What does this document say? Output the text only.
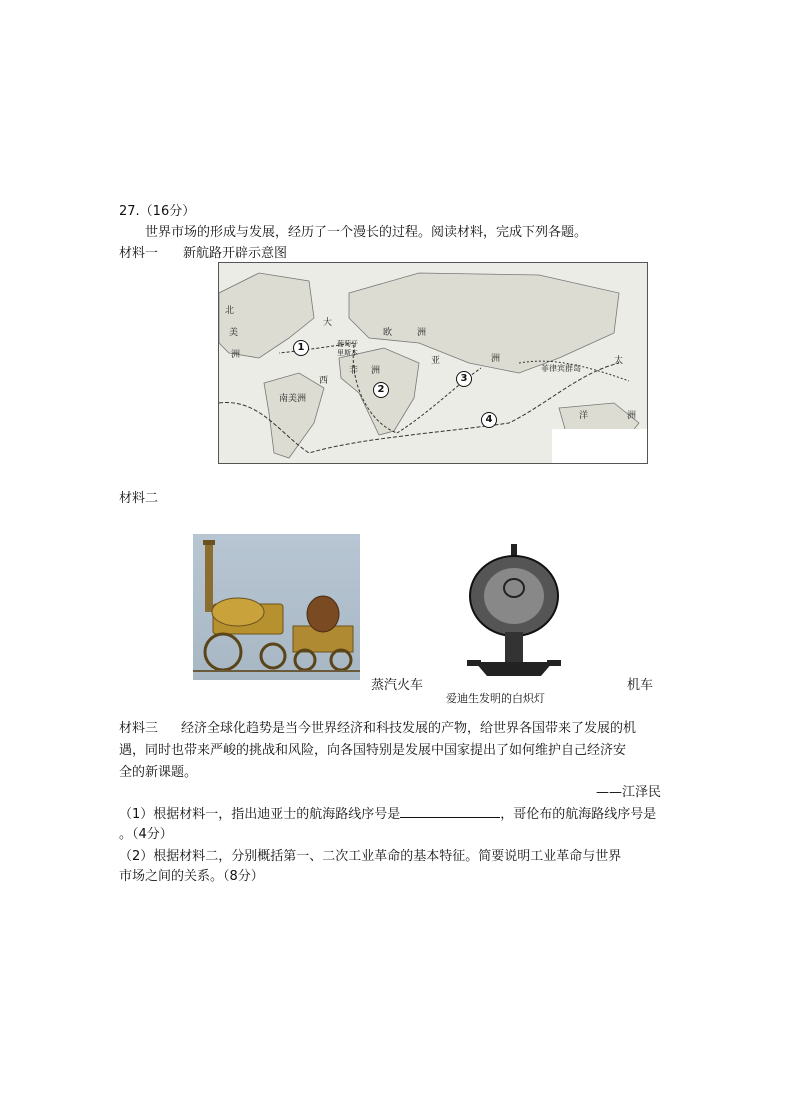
27.（16分）
世界市场的形成与发展，经历了一个漫长的过程。阅读材料，完成下列各题。
材料一 新航路开辟示意图
北
美
洲
大
欧	洲
亚	洲
非 洲
南美洲
太
洋	洲
菲律宾群岛
葡萄牙
里斯本
西
1
2
3
4
材料二
蒸汽火车
爱迪生发明的白炽灯
机车
材料三 经济全球化趋势是当今世界经济和科技发展的产物，给世界各国带来了发展的机
遇，同时也带来严峻的挑战和风险，向各国特别是发展中国家提出了如何维护自己经济安
全的新课题。
——江泽民
（1）根据材料一，指出迪亚士的航海路线序号是	，哥伦布的航海路线序号是
。（4分）
（2）根据材料二，分别概括第一、二次工业革命的基本特征。简要说明工业革命与世界
市场之间的关系。（8分）
